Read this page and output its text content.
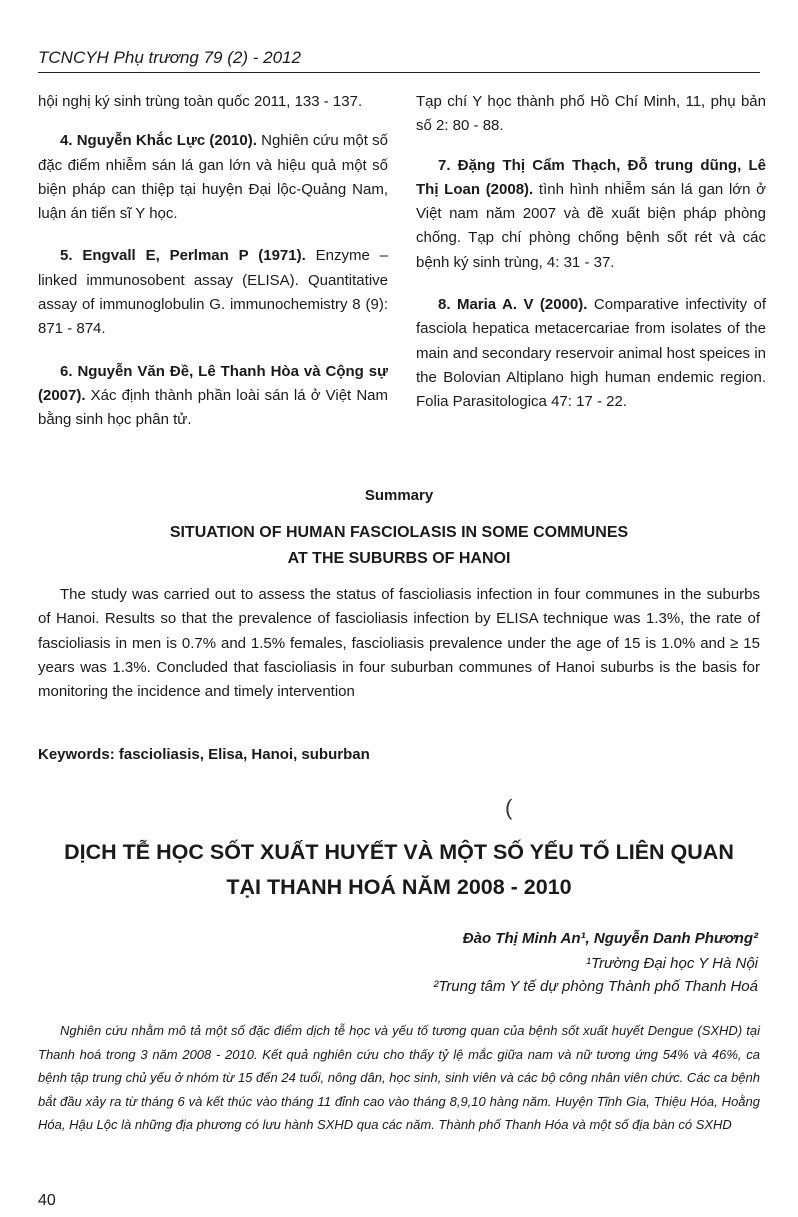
TCNCYH Phụ trương 79 (2) - 2012

hội nghị ký sinh trùng toàn quốc 2011, 133 - 137.

4. Nguyễn Khắc Lực (2010). Nghiên cứu một số đặc điểm nhiễm sán lá gan lớn và hiệu quả một số biện pháp can thiệp tại huyện Đại lộc-Quảng Nam, luận án tiến sĩ Y học.

5. Engvall E, Perlman P (1971). Enzyme – linked immunosobent assay (ELISA). Quantitative assay of immunoglobulin G. immunochemistry 8 (9): 871 - 874.

6. Nguyễn Văn Đề, Lê Thanh Hòa và Cộng sự (2007). Xác định thành phần loài sán lá ở Việt Nam bằng sinh học phân tử.

Tạp chí Y học thành phố Hồ Chí Minh, 11, phụ bản số 2: 80 - 88.

7. Đặng Thị Cẩm Thạch, Đỗ trung dũng, Lê Thị Loan (2008). tình hình nhiễm sán lá gan lớn ở Việt nam năm 2007 và đề xuất biện pháp phòng chống. Tạp chí phòng chống bệnh sốt rét và các bệnh ký sinh trùng, 4: 31 - 37.

8. Maria A. V (2000). Comparative infectivity of fasciola hepatica metacercariae from isolates of the main and secondary reservoir animal host speices in the Bolovian Altiplano high human endemic region. Folia Parasitologica 47: 17 - 22.

Summary
SITUATION OF HUMAN FASCIOLASIS IN SOME COMMUNES
AT THE SUBURBS OF HANOI
The study was carried out to assess the status of fascioliasis infection in four communes in the suburbs of Hanoi. Results so that the prevalence of fascioliasis infection by ELISA technique was 1.3%, the rate of fascioliasis in men is 0.7% and 1.5% females, fascioliasis prevalence under the age of 15 is 1.0% and ≥ 15 years was 1.3%. Concluded that fascioliasis in four suburban communes of Hanoi suburbs is the basis for monitoring the incidence and timely intervention
Keywords: fascioliasis, Elisa, Hanoi, suburban
(
DỊCH TỄ HỌC SỐT XUẤT HUYẾT VÀ MỘT SỐ YẾU TỐ LIÊN QUAN
TẠI THANH HOÁ NĂM 2008 - 2010
Đào Thị Minh An¹, Nguyễn Danh Phương²
¹Trường Đại học Y Hà Nội
²Trung tâm Y tế dự phòng Thành phố Thanh Hoá
Nghiên cứu nhằm mô tả một số đặc điểm dịch tễ học và yếu tố tương quan của bệnh sốt xuất huyết Dengue (SXHD) tại Thanh hoá trong 3 năm 2008 - 2010. Kết quả nghiên cứu cho thấy tỷ lệ mắc giữa nam và nữ tương ứng 54% và 46%, ca bệnh tập trung chủ yếu ở nhóm từ 15 đến 24 tuổi, nông dân, học sinh, sinh viên và các bộ công nhân viên chức. Các ca bệnh bắt đầu xảy ra từ tháng 6 và kết thúc vào tháng 11 đỉnh cao vào tháng 8,9,10 hàng năm. Huyện Tĩnh Gia, Thiệu Hóa, Hoằng Hóa, Hậu Lộc là những địa phương có lưu hành SXHD qua các năm. Thành phố Thanh Hóa và một số địa bàn có SXHD
40
